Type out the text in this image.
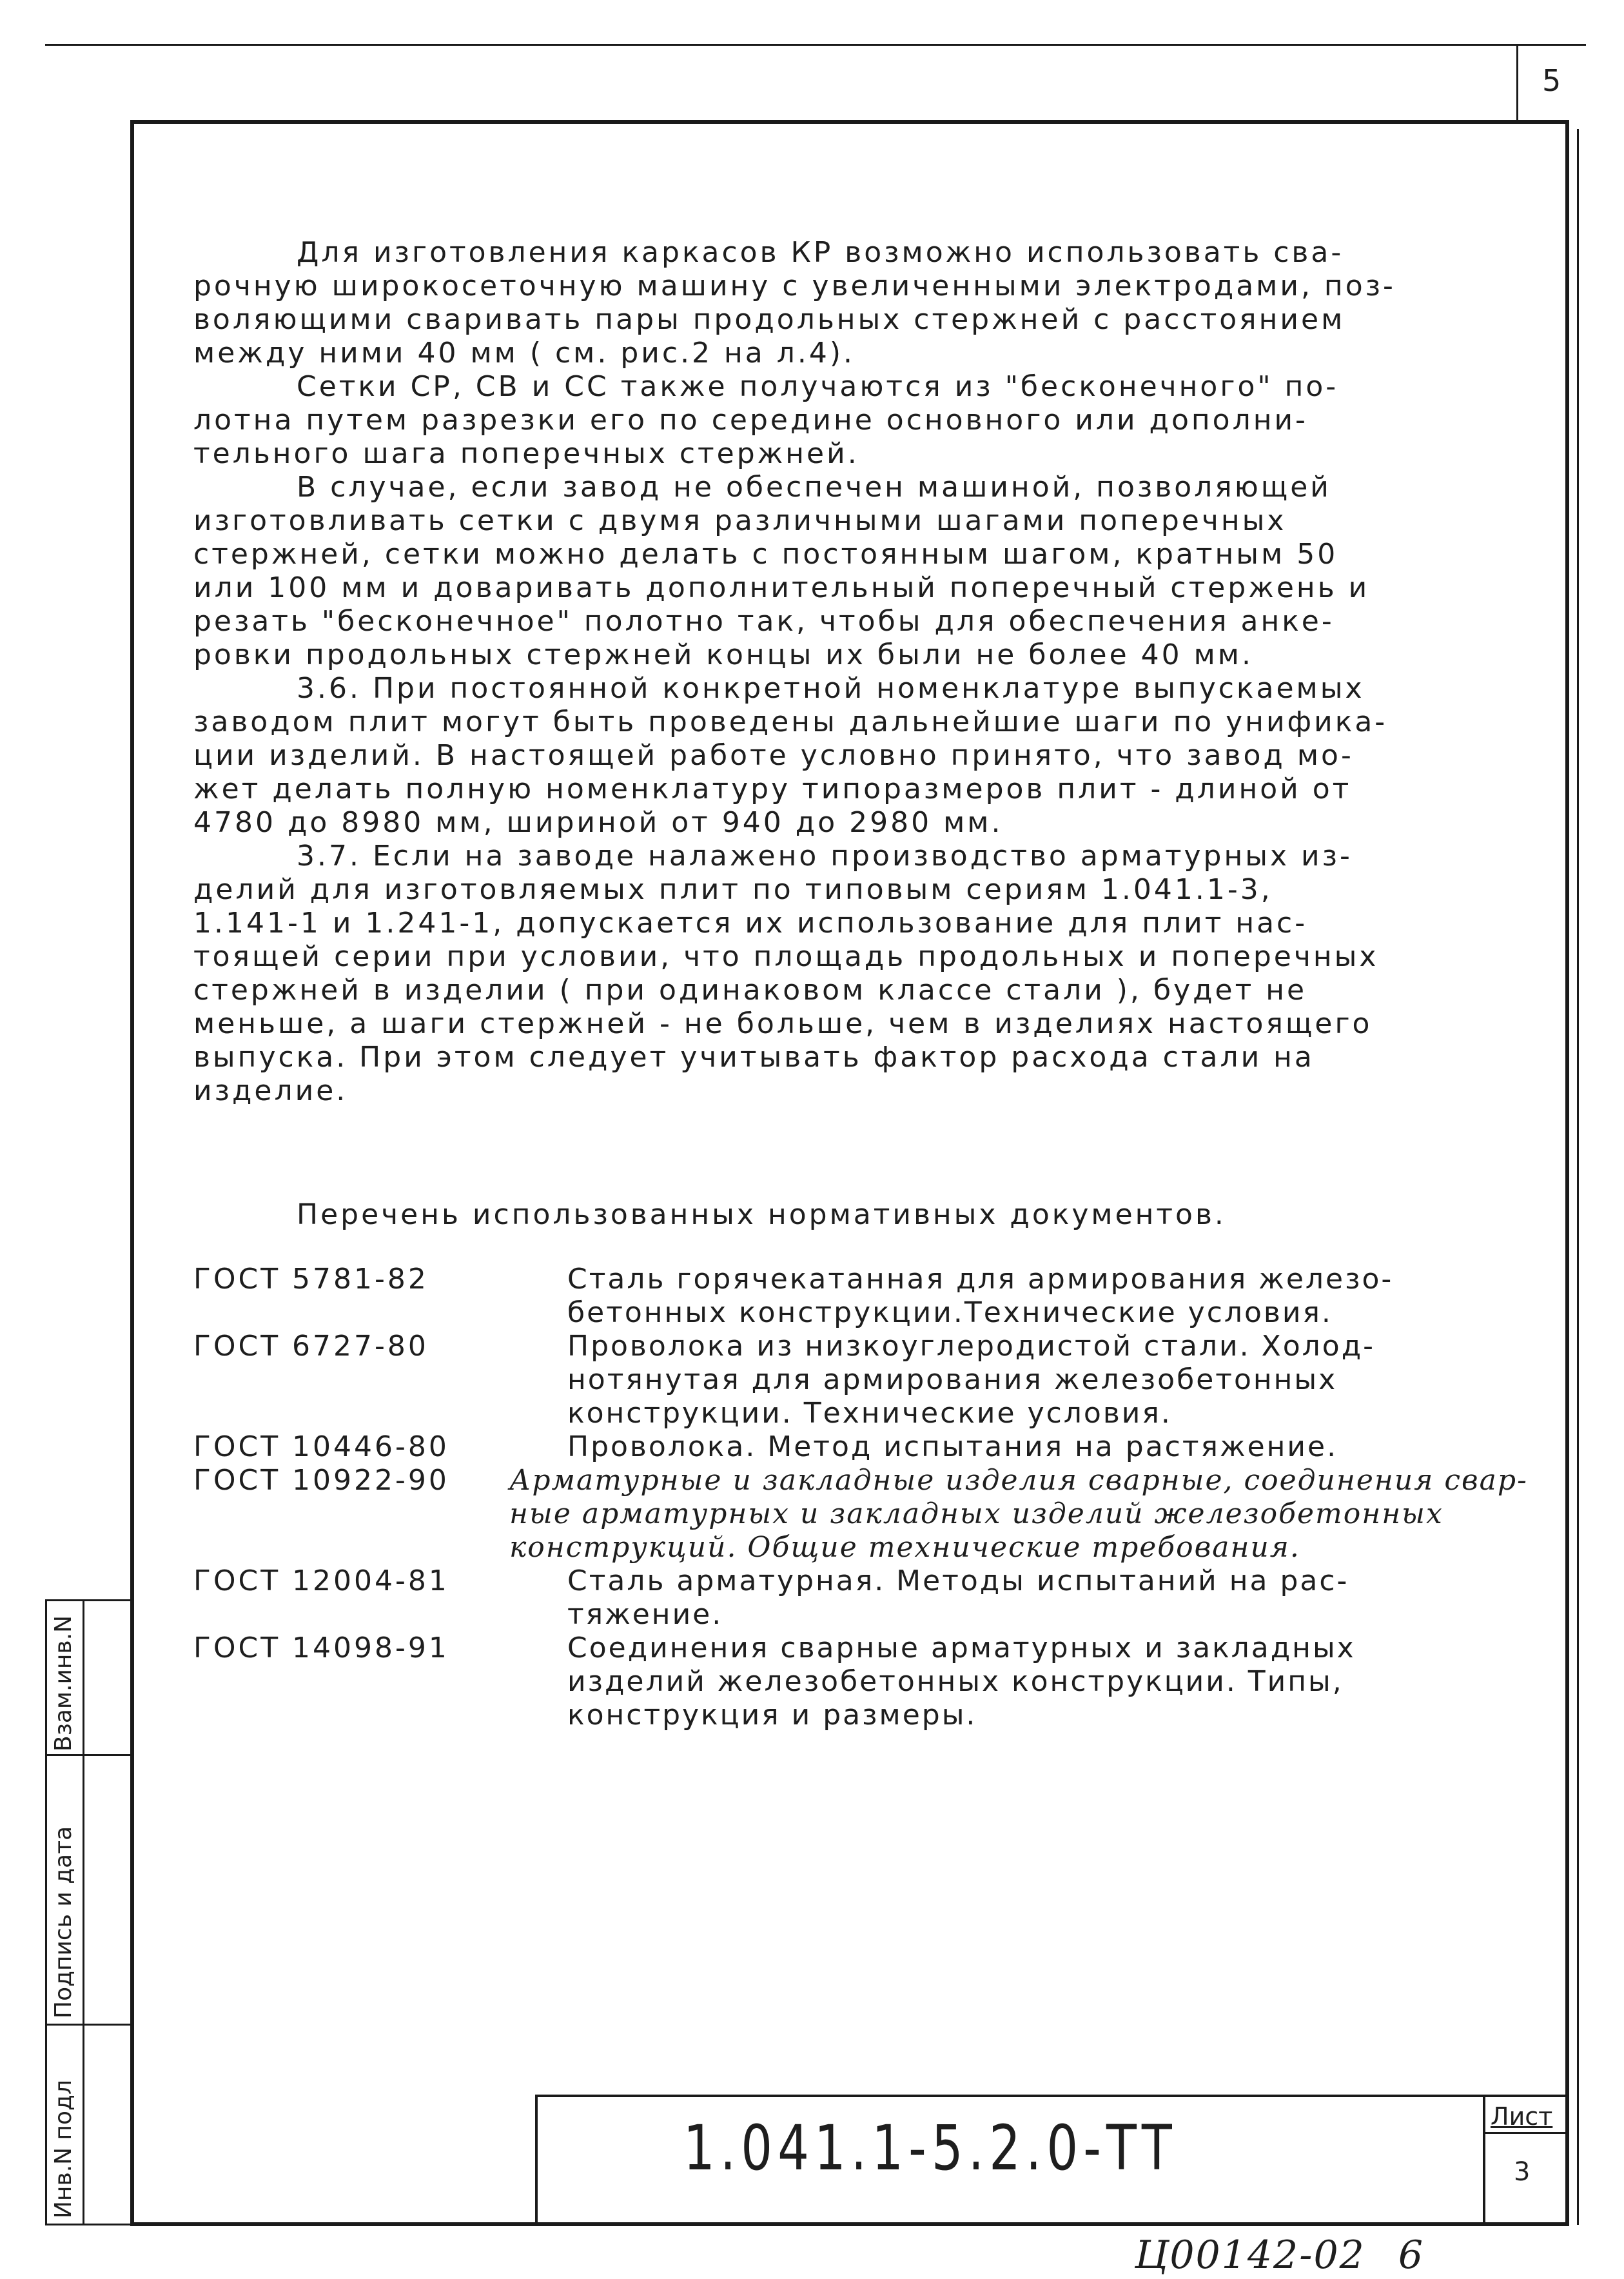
5
Взам.инв.N
Подпись и дата
Инв.N подл
Для изготовления каркасов КР возможно использовать сва-
рочную широкосеточную машину с увеличенными электродами, поз-
воляющими сваривать пары продольных стержней с расстоянием
между ними 40 мм ( см. рис.2 на л.4).
Сетки СР, СВ и СС также получаются из "бесконечного" по-
лотна путем разрезки его по середине основного или дополни-
тельного шага поперечных стержней.
В случае, если завод не обеспечен машиной, позволяющей
изготовливать сетки с двумя различными шагами поперечных
стержней, сетки можно делать с постоянным шагом, кратным 50
или 100 мм и доваривать дополнительный поперечный стержень и
резать "бесконечное" полотно так, чтобы для обеспечения анке-
ровки продольных стержней концы их были не более 40 мм.
3.6. При постоянной конкретной номенклатуре выпускаемых
заводом плит могут быть проведены дальнейшие шаги по унифика-
ции изделий. В настоящей работе условно принято, что завод мо-
жет делать полную номенклатуру типоразмеров плит - длиной от
4780 до 8980 мм, шириной от 940 до 2980 мм.
3.7. Если на заводе налажено производство арматурных из-
делий для изготовляемых плит по типовым сериям 1.041.1-3,
1.141-1 и 1.241-1, допускается их использование для плит нас-
тоящей серии при условии, что площадь продольных и поперечных
стержней в изделии ( при одинаковом классе стали ), будет не
меньше, а шаги стержней - не больше, чем в изделиях настоящего
выпуска. При этом следует учитывать фактор расхода стали на
изделие.
Перечень использованных нормативных документов.
ГОСТ 5781-82	Сталь горячекатанная для армирования железо-
бетонных конструкции.Технические условия.
ГОСТ 6727-80	Проволока из низкоуглеродистой стали. Холод-
нотянутая для армирования железобетонных
конструкции. Технические условия.
ГОСТ 10446-80	Проволока. Метод испытания на растяжение.
ГОСТ 10922-90 Арматурные и закладные изделия сварные, соединения свар-
ные арматурных и закладных изделий железобетонных
конструкций. Общие технические требования.
ГОСТ 12004-81	Сталь арматурная. Методы испытаний на рас-
тяжение.
ГОСТ 14098-91	Соединения сварные арматурных и закладных
изделий железобетонных конструкции. Типы,
конструкция и размеры.
1.041.1-5.2.0-ТТ	Лист
3
Ц00142-02 6
